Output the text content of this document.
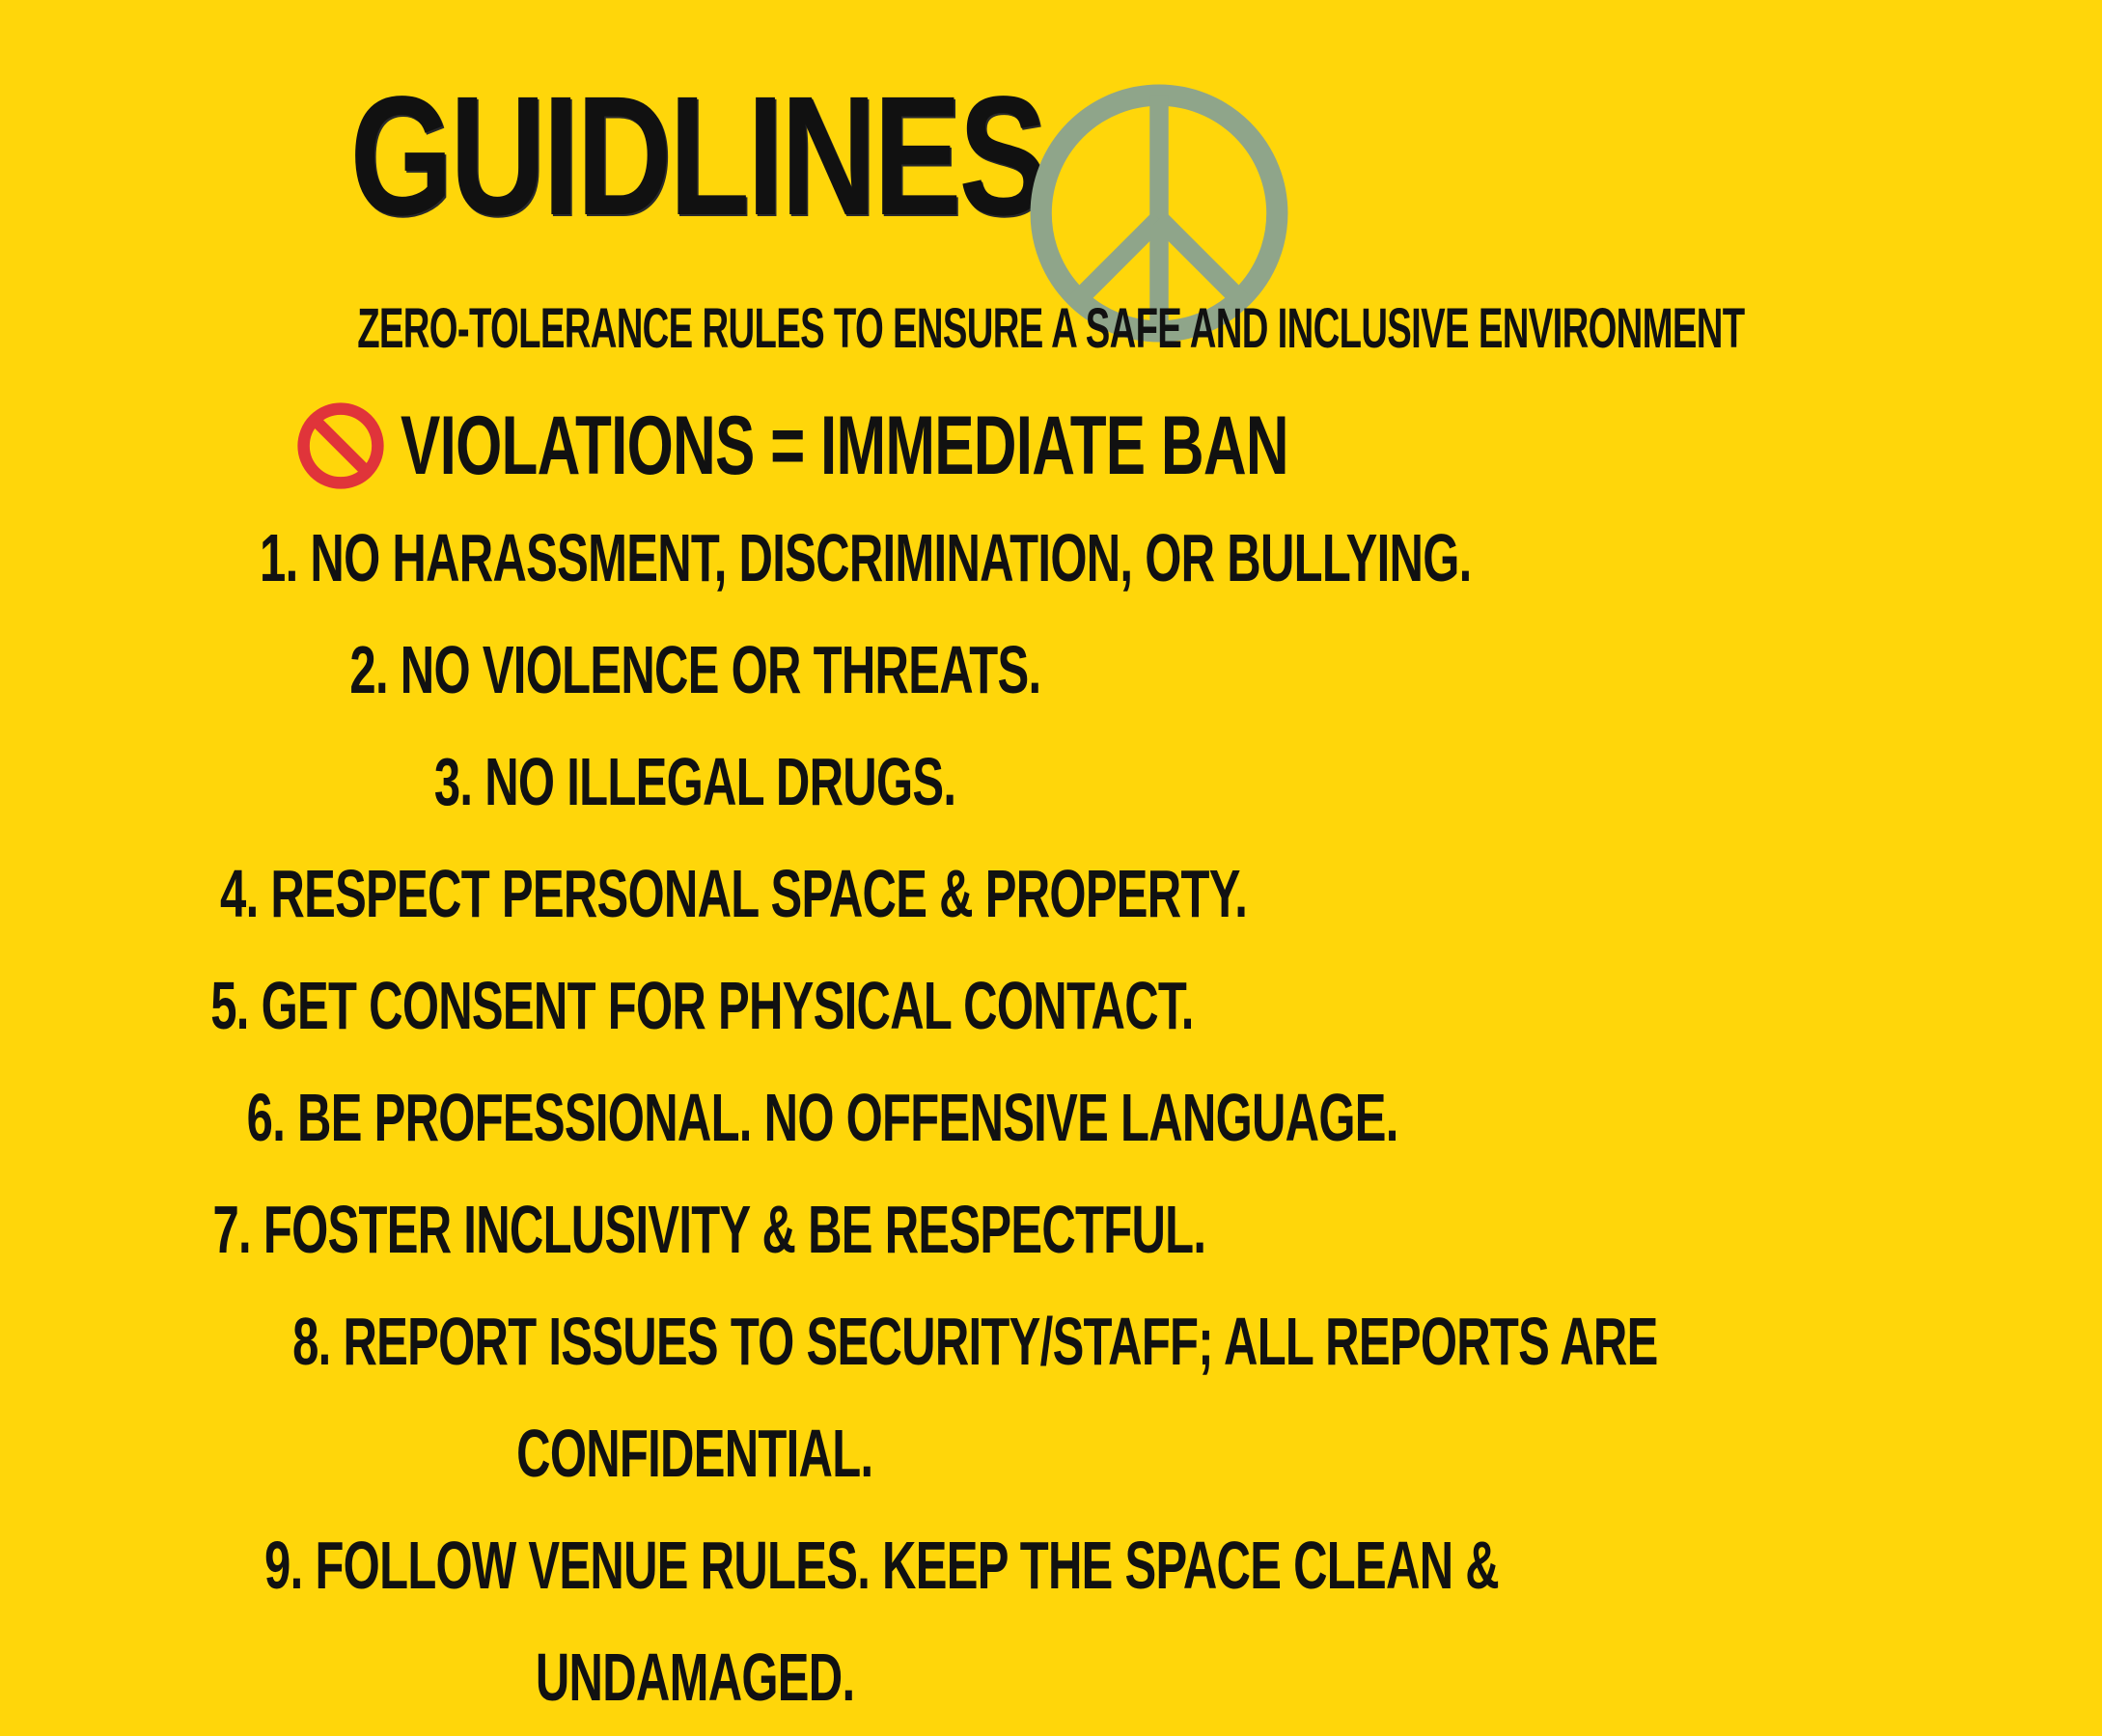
GUIDLINES
ZERO-TOLERANCE RULES TO ENSURE A SAFE AND INCLUSIVE ENVIRONMENT
VIOLATIONS = IMMEDIATE BAN
1. NO HARASSMENT, DISCRIMINATION, OR BULLYING.
2. NO VIOLENCE OR THREATS.
3. NO ILLEGAL DRUGS.
4. RESPECT PERSONAL SPACE & PROPERTY.
5. GET CONSENT FOR PHYSICAL CONTACT.
6. BE PROFESSIONAL. NO OFFENSIVE LANGUAGE.
7. FOSTER INCLUSIVITY & BE RESPECTFUL.
8. REPORT ISSUES TO SECURITY/STAFF; ALL REPORTS ARE
CONFIDENTIAL.
9. FOLLOW VENUE RULES. KEEP THE SPACE CLEAN &
UNDAMAGED.
